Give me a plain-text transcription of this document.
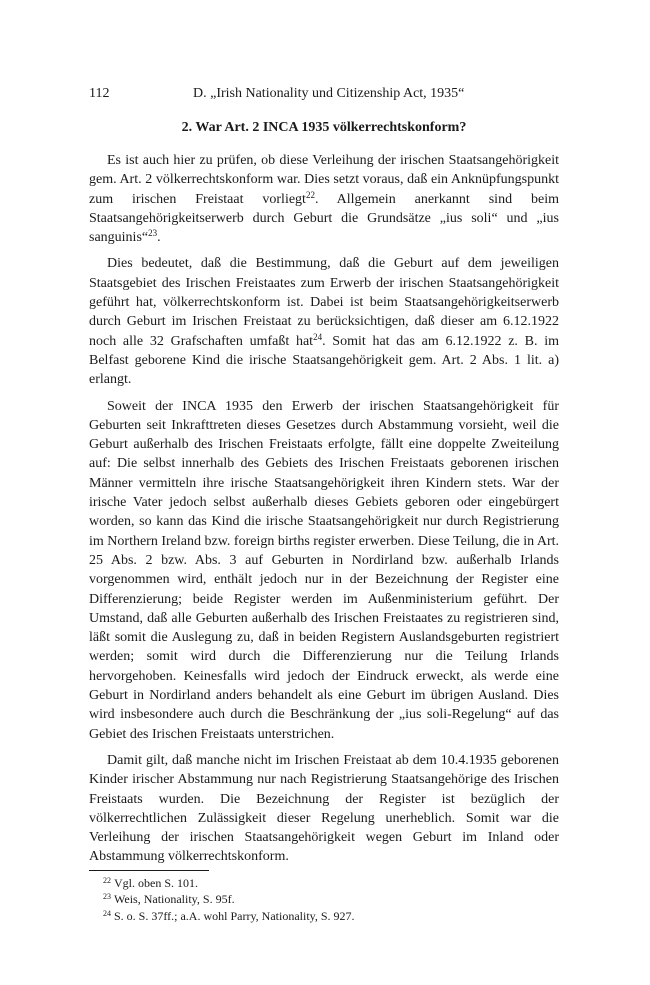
112	D. „Irish Nationality und Citizenship Act, 1935“
2. War Art. 2 INCA 1935 völkerrechtskonform?

Es ist auch hier zu prüfen, ob diese Verleihung der irischen Staatsangehörigkeit gem. Art. 2 völkerrechtskonform war. Dies setzt voraus, daß ein Anknüpfungspunkt zum irischen Freistaat vorliegt$^{22}$. Allgemein anerkannt sind beim Staatsangehörigkeitserwerb durch Geburt die Grundsätze „ius soli“ und „ius sanguinis“$^{23}$.

Dies bedeutet, daß die Bestimmung, daß die Geburt auf dem jeweiligen Staatsgebiet des Irischen Freistaates zum Erwerb der irischen Staatsangehörigkeit geführt hat, völkerrechtskonform ist. Dabei ist beim Staatsangehörigkeitserwerb durch Geburt im Irischen Freistaat zu berücksichtigen, daß dieser am 6.12.1922 noch alle 32 Grafschaften umfaßt hat$^{24}$. Somit hat das am 6.12.1922 z. B. im Belfast geborene Kind die irische Staatsangehörigkeit gem. Art. 2 Abs. 1 lit. a) erlangt.

Soweit der INCA 1935 den Erwerb der irischen Staatsangehörigkeit für Geburten seit Inkrafttreten dieses Gesetzes durch Abstammung vorsieht, weil die Geburt außerhalb des Irischen Freistaats erfolgte, fällt eine doppelte Zweiteilung auf: Die selbst innerhalb des Gebiets des Irischen Freistaats geborenen irischen Männer vermitteln ihre irische Staatsangehörigkeit ihren Kindern stets. War der irische Vater jedoch selbst außerhalb dieses Gebiets geboren oder eingebürgert worden, so kann das Kind die irische Staatsangehörigkeit nur durch Registrierung im Northern Ireland bzw. foreign births register erwerben. Diese Teilung, die in Art. 25 Abs. 2 bzw. Abs. 3 auf Geburten in Nordirland bzw. außerhalb Irlands vorgenommen wird, enthält jedoch nur in der Bezeichnung der Register eine Differenzierung; beide Register werden im Außenministerium geführt. Der Umstand, daß alle Geburten außerhalb des Irischen Freistaates zu registrieren sind, läßt somit die Auslegung zu, daß in beiden Registern Auslandsgeburten registriert werden; somit wird durch die Differenzierung nur die Teilung Irlands hervorgehoben. Keinesfalls wird jedoch der Eindruck erweckt, als werde eine Geburt in Nordirland anders behandelt als eine Geburt im übrigen Ausland. Dies wird insbesondere auch durch die Beschränkung der „ius soli-Regelung“ auf das Gebiet des Irischen Freistaats unterstrichen.

Damit gilt, daß manche nicht im Irischen Freistaat ab dem 10.4.1935 geborenen Kinder irischer Abstammung nur nach Registrierung Staatsangehörige des Irischen Freistaats wurden. Die Bezeichnung der Register ist bezüglich der völkerrechtlichen Zulässigkeit dieser Regelung unerheblich. Somit war die Verleihung der irischen Staatsangehörigkeit wegen Geburt im Inland oder Abstammung völkerrechtskonform.

$^{22}$ Vgl. oben S. 101.
$^{23}$ Weis, Nationality, S. 95f.
$^{24}$ S. o. S. 37ff.; a.A. wohl Parry, Nationality, S. 927.
